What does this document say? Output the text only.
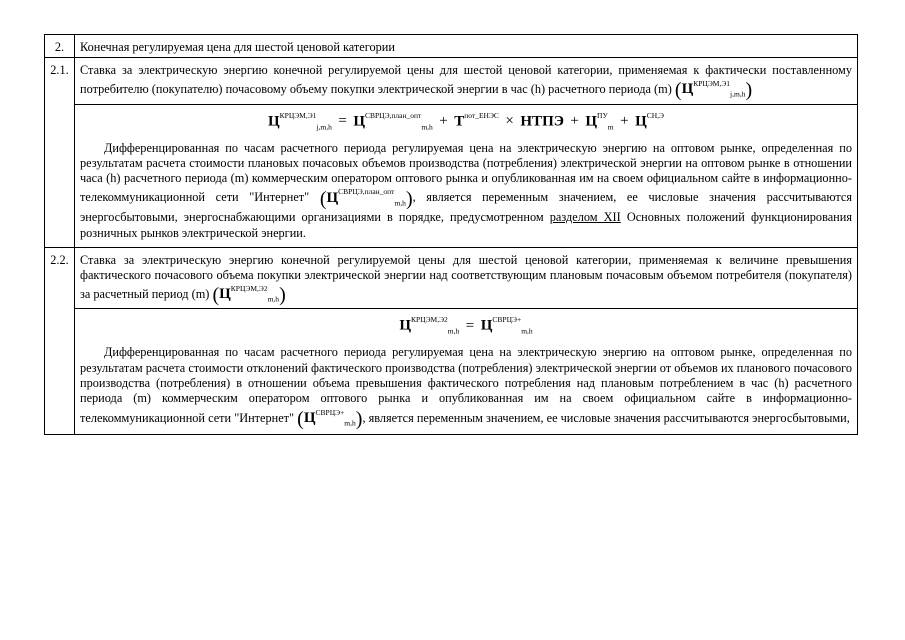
2.	Конечная регулируемая цена для шестой ценовой категории
2.1.	Ставка за электрическую энергию конечной регулируемой цены для шестой ценовой категории, применяемая к фактически поставленному потребителю (покупателю) почасовому объему покупки электрической энергии в час (h) расчетного периода (m) $(Ц^{КРЦЭМ,Э1}_{j,m,h})$

	$Ц^{КРЦЭМ,Э1}_{j,m,h} = Ц^{СВРЦЭ,план\_опт}_{m,h} + Т^{пот\_ЕНЭС}$ × НТПЭ + $Ц^{ПУ}_m + Ц^{СН,Э}$

Дифференцированная по часам расчетного периода регулируемая цена на электрическую энергию на оптовом рынке, определенная по результатам расчета стоимости плановых почасовых объемов производства (потребления) электрической энергии на оптовом рынке в отношении часа (h) расчетного периода (m) коммерческим оператором оптового рынка и опубликованная им на своем официальном сайте в информационно-телекоммуникационной сети "Интернет" $(Ц^{СВРЦЭ,план\_опт}_{m,h})$, является переменным значением, ее числовые значения рассчитываются энергосбытовыми, энергоснабжающими организациями в порядке, предусмотренном разделом XII Основных положений функционирования розничных рынков электрической энергии.

2.2.	Ставка за электрическую энергию конечной регулируемой цены для шестой ценовой категории, применяемая к величине превышения фактического почасового объема покупки электрической энергии над соответствующим плановым почасовым объемом потребителя (покупателя) за расчетный период (m) $(Ц^{КРЦЭМ,Э2}_{m,h})$

	$Ц^{КРЦЭМ,Э2}_{m,h} = Ц^{СВРЦЭ+}_{m,h}$

Дифференцированная по часам расчетного периода регулируемая цена на электрическую энергию на оптовом рынке, определенная по результатам расчета стоимости отклонений фактического производства (потребления) электрической энергии от объемов их планового почасового производства (потребления) в отношении объема превышения фактического потребления над плановым потреблением в час (h) расчетного периода (m) коммерческим оператором оптового рынка и опубликованная им на своем официальном сайте в информационно-телекоммуникационной сети "Интернет" $(Ц^{СВРЦЭ+}_{m,h})$, является переменным значением, ее числовые значения рассчитываются энергосбытовыми,
